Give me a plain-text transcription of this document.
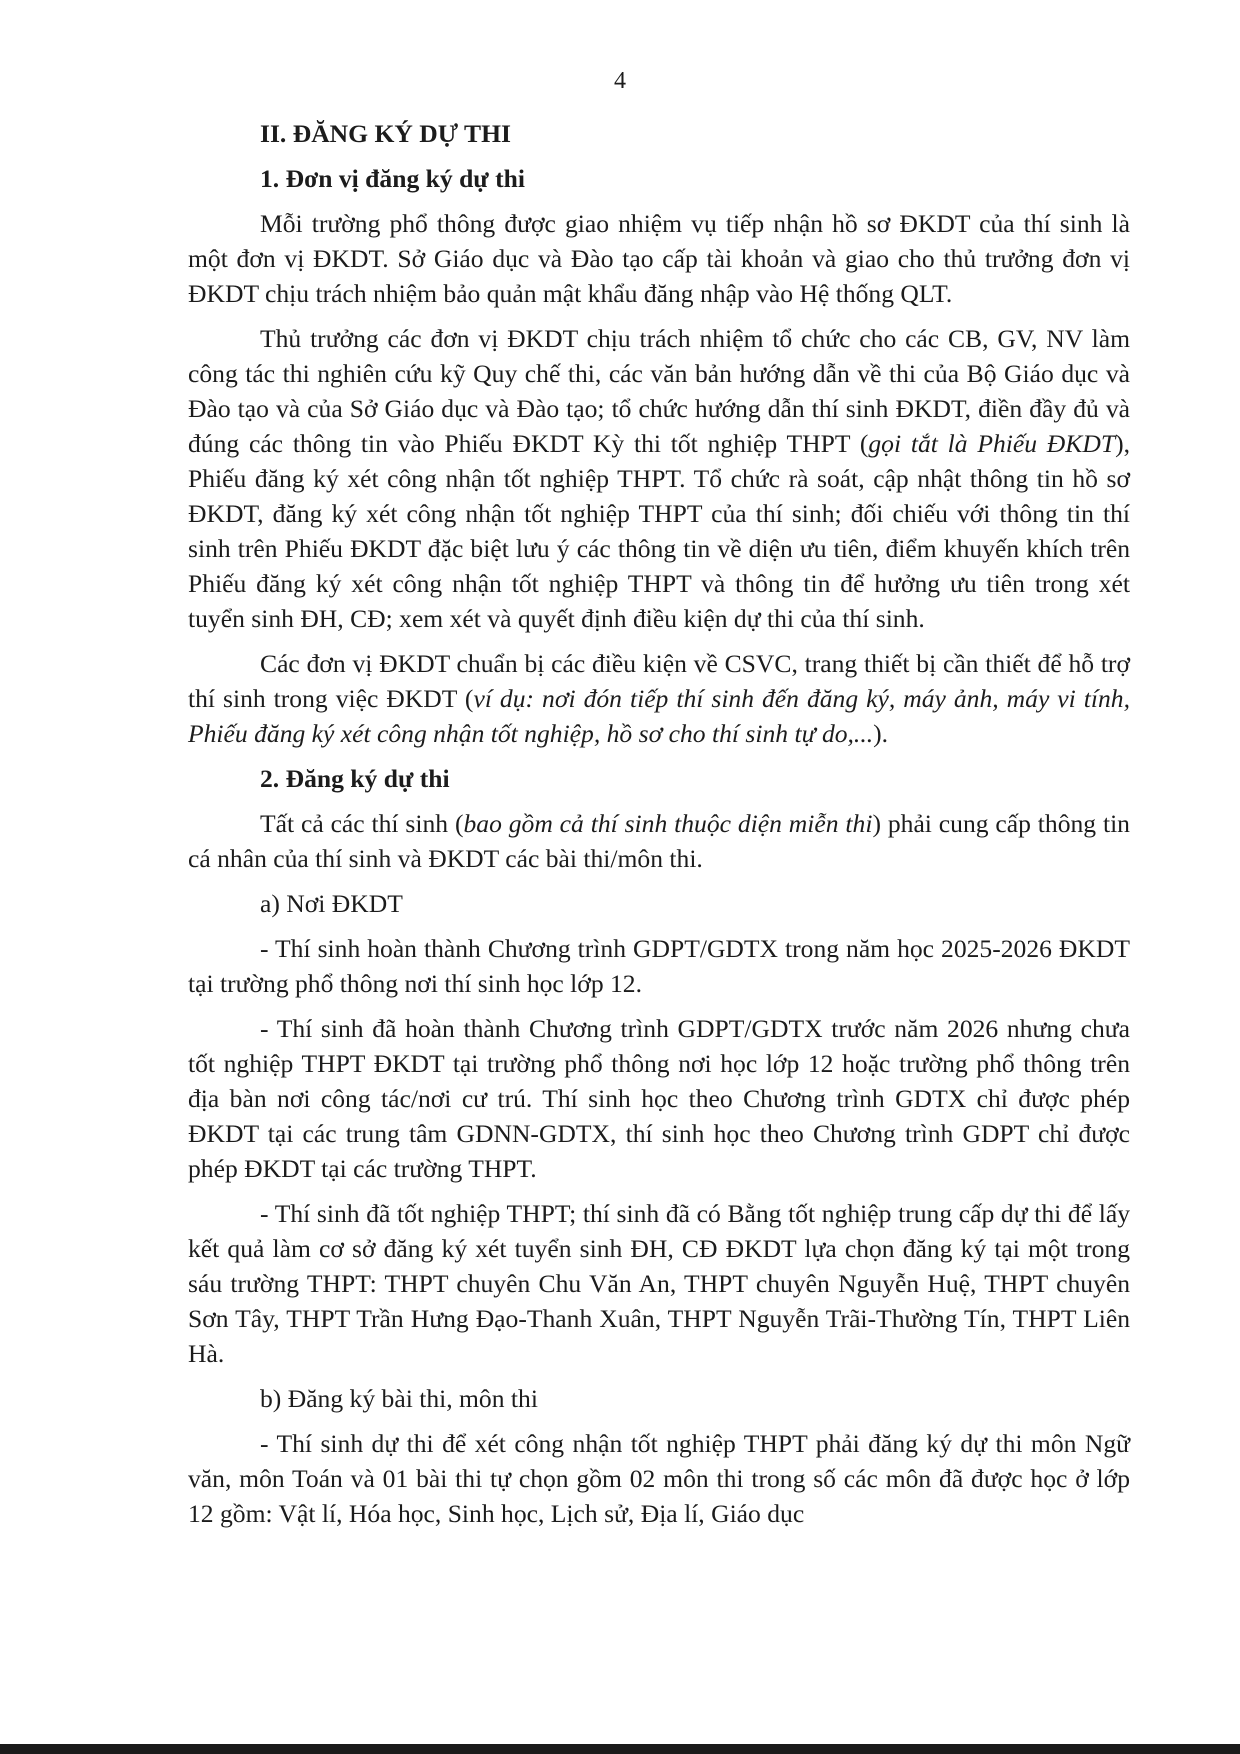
4

II. ĐĂNG KÝ DỰ THI
1. Đơn vị đăng ký dự thi

Mỗi trường phổ thông được giao nhiệm vụ tiếp nhận hồ sơ ĐKDT của thí sinh là một đơn vị ĐKDT. Sở Giáo dục và Đào tạo cấp tài khoản và giao cho thủ trưởng đơn vị ĐKDT chịu trách nhiệm bảo quản mật khẩu đăng nhập vào Hệ thống QLT.

Thủ trưởng các đơn vị ĐKDT chịu trách nhiệm tổ chức cho các CB, GV, NV làm công tác thi nghiên cứu kỹ Quy chế thi, các văn bản hướng dẫn về thi của Bộ Giáo dục và Đào tạo và của Sở Giáo dục và Đào tạo; tổ chức hướng dẫn thí sinh ĐKDT, điền đầy đủ và đúng các thông tin vào Phiếu ĐKDT Kỳ thi tốt nghiệp THPT (gọi tắt là Phiếu ĐKDT), Phiếu đăng ký xét công nhận tốt nghiệp THPT. Tổ chức rà soát, cập nhật thông tin hồ sơ ĐKDT, đăng ký xét công nhận tốt nghiệp THPT của thí sinh; đối chiếu với thông tin thí sinh trên Phiếu ĐKDT đặc biệt lưu ý các thông tin về diện ưu tiên, điểm khuyến khích trên Phiếu đăng ký xét công nhận tốt nghiệp THPT và thông tin để hưởng ưu tiên trong xét tuyển sinh ĐH, CĐ; xem xét và quyết định điều kiện dự thi của thí sinh.

Các đơn vị ĐKDT chuẩn bị các điều kiện về CSVC, trang thiết bị cần thiết để hỗ trợ thí sinh trong việc ĐKDT (ví dụ: nơi đón tiếp thí sinh đến đăng ký, máy ảnh, máy vi tính, Phiếu đăng ký xét công nhận tốt nghiệp, hồ sơ cho thí sinh tự do,...).

2. Đăng ký dự thi

Tất cả các thí sinh (bao gồm cả thí sinh thuộc diện miễn thi) phải cung cấp thông tin cá nhân của thí sinh và ĐKDT các bài thi/môn thi.

a) Nơi ĐKDT

- Thí sinh hoàn thành Chương trình GDPT/GDTX trong năm học 2025-2026 ĐKDT tại trường phổ thông nơi thí sinh học lớp 12.

- Thí sinh đã hoàn thành Chương trình GDPT/GDTX trước năm 2026 nhưng chưa tốt nghiệp THPT ĐKDT tại trường phổ thông nơi học lớp 12 hoặc trường phổ thông trên địa bàn nơi công tác/nơi cư trú. Thí sinh học theo Chương trình GDTX chỉ được phép ĐKDT tại các trung tâm GDNN-GDTX, thí sinh học theo Chương trình GDPT chỉ được phép ĐKDT tại các trường THPT.

- Thí sinh đã tốt nghiệp THPT; thí sinh đã có Bằng tốt nghiệp trung cấp dự thi để lấy kết quả làm cơ sở đăng ký xét tuyển sinh ĐH, CĐ ĐKDT lựa chọn đăng ký tại một trong sáu trường THPT: THPT chuyên Chu Văn An, THPT chuyên Nguyễn Huệ, THPT chuyên Sơn Tây, THPT Trần Hưng Đạo-Thanh Xuân, THPT Nguyễn Trãi-Thường Tín, THPT Liên Hà.

b) Đăng ký bài thi, môn thi

- Thí sinh dự thi để xét công nhận tốt nghiệp THPT phải đăng ký dự thi môn Ngữ văn, môn Toán và 01 bài thi tự chọn gồm 02 môn thi trong số các môn đã được học ở lớp 12 gồm: Vật lí, Hóa học, Sinh học, Lịch sử, Địa lí, Giáo dục
